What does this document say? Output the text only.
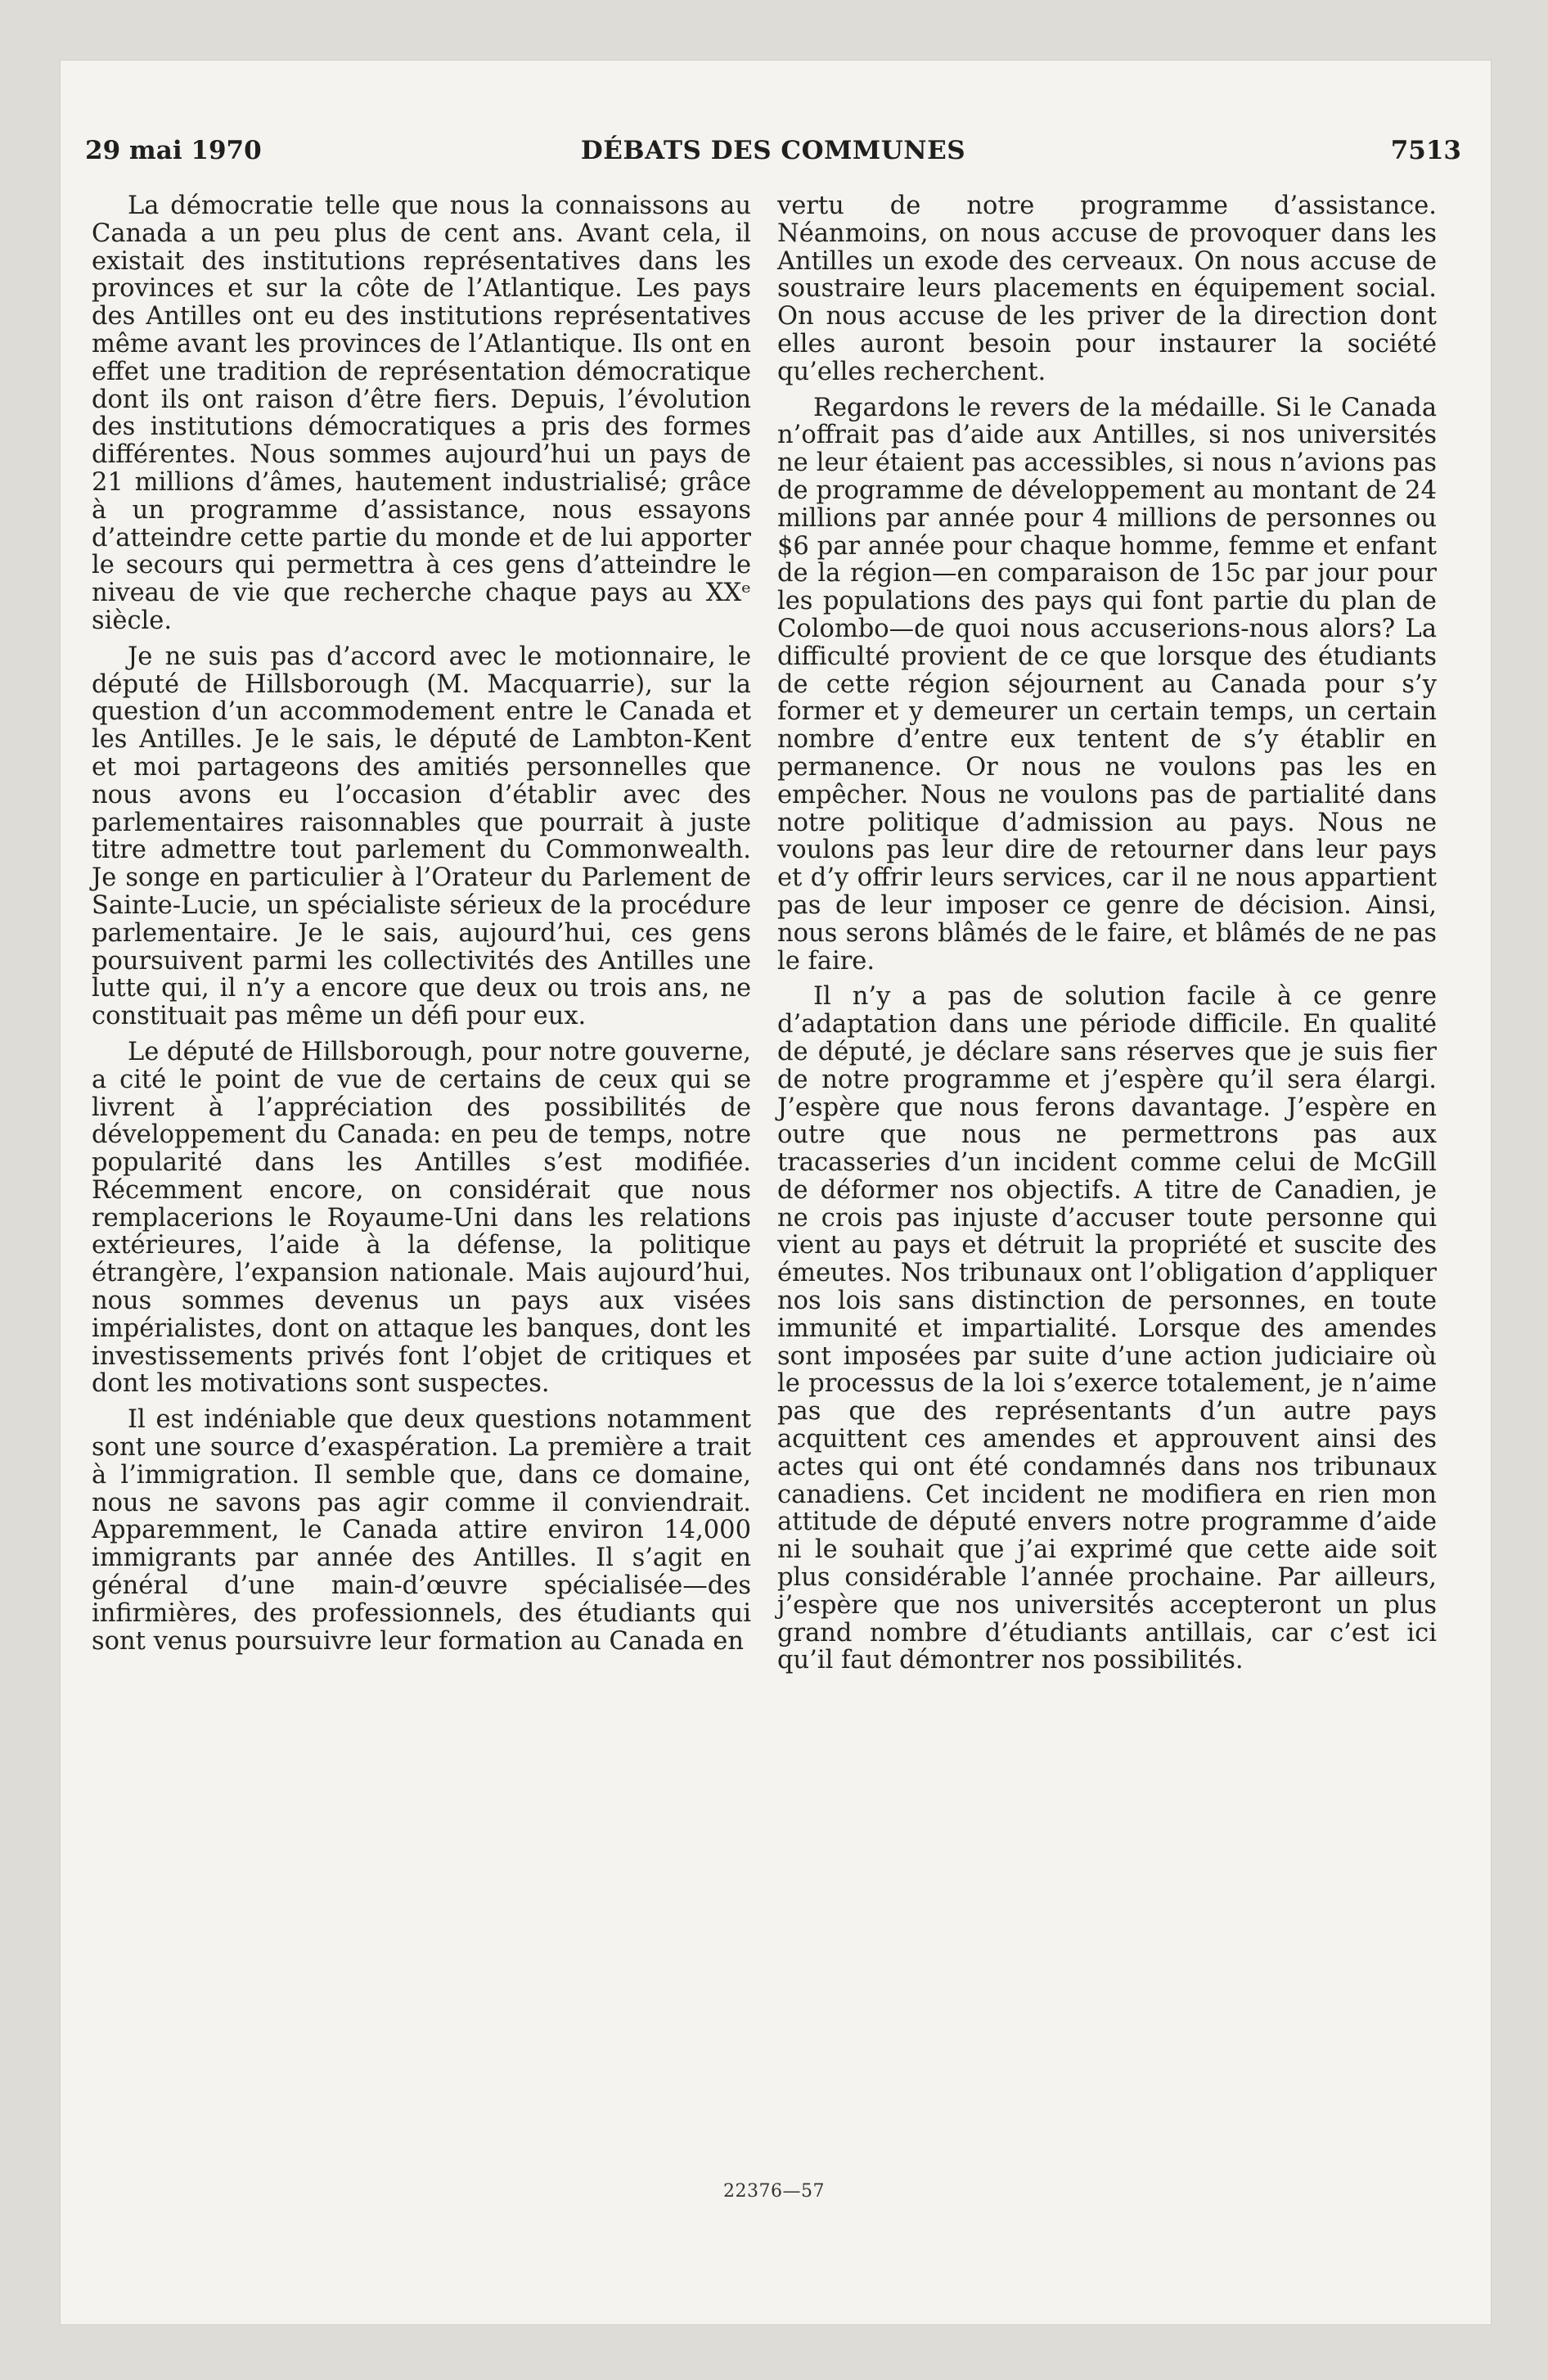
29 mai 1970	DÉBATS DES COMMUNES	7513

La démocratie telle que nous la connaissons au Canada a un peu plus de cent ans. Avant cela, il existait des institutions représentatives dans les provinces et sur la côte de l’Atlantique. Les pays des Antilles ont eu des institutions représentatives même avant les provinces de l’Atlantique. Ils ont en effet une tradition de représentation démocratique dont ils ont raison d’être fiers. Depuis, l’évolution des institutions démocratiques a pris des formes différentes. Nous sommes aujourd’hui un pays de 21 millions d’âmes, hautement industrialisé; grâce à un programme d’assistance, nous essayons d’atteindre cette partie du monde et de lui apporter le secours qui permettra à ces gens d’atteindre le niveau de vie que recherche chaque pays au XXᵉ siècle.

Je ne suis pas d’accord avec le motionnaire, le député de Hillsborough (M. Macquarrie), sur la question d’un accommodement entre le Canada et les Antilles. Je le sais, le député de Lambton-Kent et moi partageons des amitiés personnelles que nous avons eu l’occasion d’établir avec des parlementaires raisonnables que pourrait à juste titre admettre tout parlement du Commonwealth. Je songe en particulier à l’Orateur du Parlement de Sainte-Lucie, un spécialiste sérieux de la procédure parlementaire. Je le sais, aujourd’hui, ces gens poursuivent parmi les collectivités des Antilles une lutte qui, il n’y a encore que deux ou trois ans, ne constituait pas même un défi pour eux.

Le député de Hillsborough, pour notre gouverne, a cité le point de vue de certains de ceux qui se livrent à l’appréciation des possibilités de développement du Canada: en peu de temps, notre popularité dans les Antilles s’est modifiée. Récemment encore, on considérait que nous remplacerions le Royaume-Uni dans les relations extérieures, l’aide à la défense, la politique étrangère, l’expansion nationale. Mais aujourd’hui, nous sommes devenus un pays aux visées impérialistes, dont on attaque les banques, dont les investissements privés font l’objet de critiques et dont les motivations sont suspectes.

Il est indéniable que deux questions notamment sont une source d’exaspération. La première a trait à l’immigration. Il semble que, dans ce domaine, nous ne savons pas agir comme il conviendrait. Apparemment, le Canada attire environ 14,000 immigrants par année des Antilles. Il s’agit en général d’une main-d’œuvre spécialisée—des infirmières, des professionnels, des étudiants qui sont venus poursuivre leur formation au Canada en

vertu de notre programme d’assistance. Néanmoins, on nous accuse de provoquer dans les Antilles un exode des cerveaux. On nous accuse de soustraire leurs placements en équipement social. On nous accuse de les priver de la direction dont elles auront besoin pour instaurer la société qu’elles recherchent.

Regardons le revers de la médaille. Si le Canada n’offrait pas d’aide aux Antilles, si nos universités ne leur étaient pas accessibles, si nous n’avions pas de programme de développement au montant de 24 millions par année pour 4 millions de personnes ou $6 par année pour chaque homme, femme et enfant de la région—en comparaison de 15c par jour pour les populations des pays qui font partie du plan de Colombo—de quoi nous accuserions-nous alors? La difficulté provient de ce que lorsque des étudiants de cette région séjournent au Canada pour s’y former et y demeurer un certain temps, un certain nombre d’entre eux tentent de s’y établir en permanence. Or nous ne voulons pas les en empêcher. Nous ne voulons pas de partialité dans notre politique d’admission au pays. Nous ne voulons pas leur dire de retourner dans leur pays et d’y offrir leurs services, car il ne nous appartient pas de leur imposer ce genre de décision. Ainsi, nous serons blâmés de le faire, et blâmés de ne pas le faire.

Il n’y a pas de solution facile à ce genre d’adaptation dans une période difficile. En qualité de député, je déclare sans réserves que je suis fier de notre programme et j’espère qu’il sera élargi. J’espère que nous ferons davantage. J’espère en outre que nous ne permettrons pas aux tracasseries d’un incident comme celui de McGill de déformer nos objectifs. A titre de Canadien, je ne crois pas injuste d’accuser toute personne qui vient au pays et détruit la propriété et suscite des émeutes. Nos tribunaux ont l’obligation d’appliquer nos lois sans distinction de personnes, en toute immunité et impartialité. Lorsque des amendes sont imposées par suite d’une action judiciaire où le processus de la loi s’exerce totalement, je n’aime pas que des représentants d’un autre pays acquittent ces amendes et approuvent ainsi des actes qui ont été condamnés dans nos tribunaux canadiens. Cet incident ne modifiera en rien mon attitude de député envers notre programme d’aide ni le souhait que j’ai exprimé que cette aide soit plus considérable l’année prochaine. Par ailleurs, j’espère que nos universités accepteront un plus grand nombre d’étudiants antillais, car c’est ici qu’il faut démontrer nos possibilités.

22376—57
